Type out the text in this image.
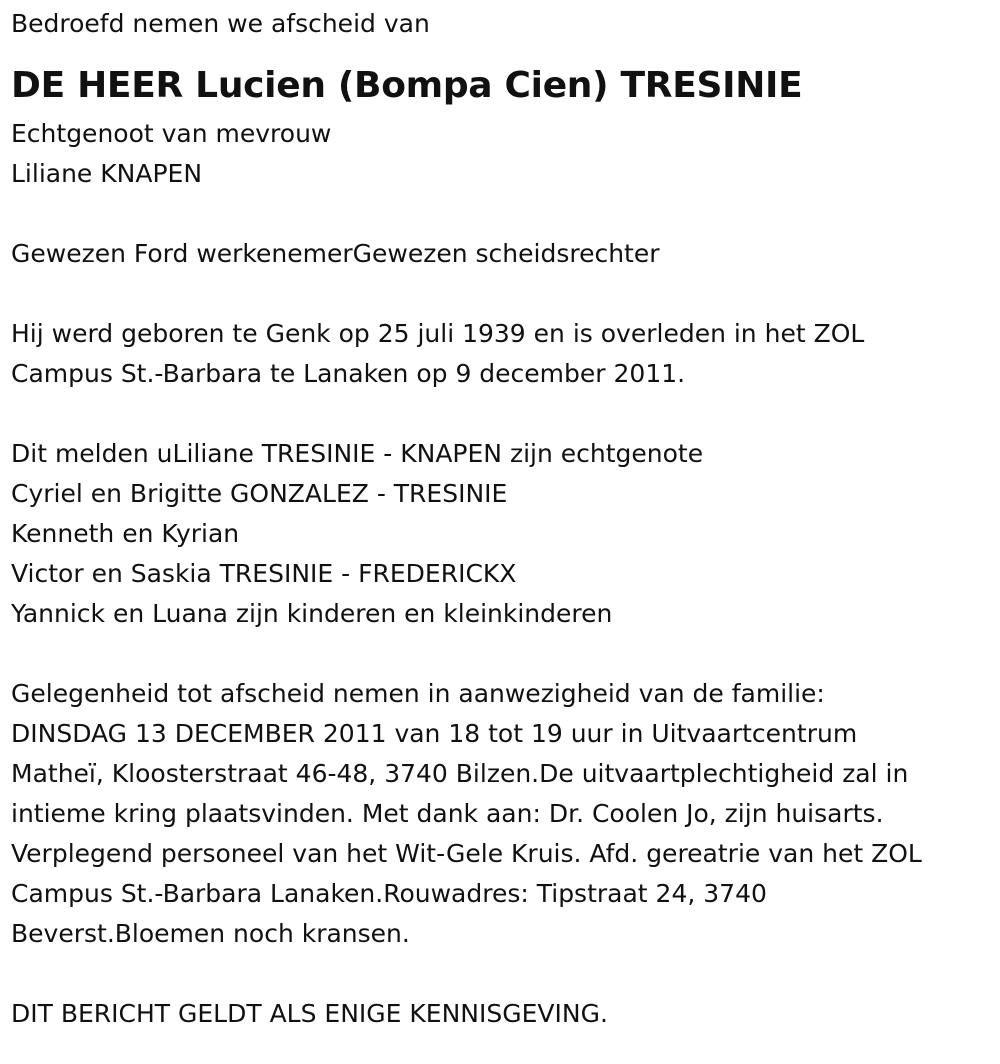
Bedroefd nemen we afscheid van
DE HEER Lucien (Bompa Cien) TRESINIE
Echtgenoot van mevrouw
Liliane KNAPEN
Gewezen Ford werkenemerGewezen scheidsrechter
Hij werd geboren te Genk op 25 juli 1939 en is overleden in het ZOL
Campus St.-Barbara te Lanaken op 9 december 2011.
Dit melden uLiliane TRESINIE - KNAPEN zijn echtgenote
Cyriel en Brigitte GONZALEZ - TRESINIE
Kenneth en Kyrian
Victor en Saskia TRESINIE - FREDERICKX
Yannick en Luana zijn kinderen en kleinkinderen
Gelegenheid tot afscheid nemen in aanwezigheid van de familie:
DINSDAG 13 DECEMBER 2011 van 18 tot 19 uur in Uitvaartcentrum
Matheï, Kloosterstraat 46-48, 3740 Bilzen.De uitvaartplechtigheid zal in
intieme kring plaatsvinden. Met dank aan: Dr. Coolen Jo, zijn huisarts.
Verplegend personeel van het Wit-Gele Kruis. Afd. gereatrie van het ZOL
Campus St.-Barbara Lanaken.Rouwadres: Tipstraat 24, 3740
Beverst.Bloemen noch kransen.
DIT BERICHT GELDT ALS ENIGE KENNISGEVING.
